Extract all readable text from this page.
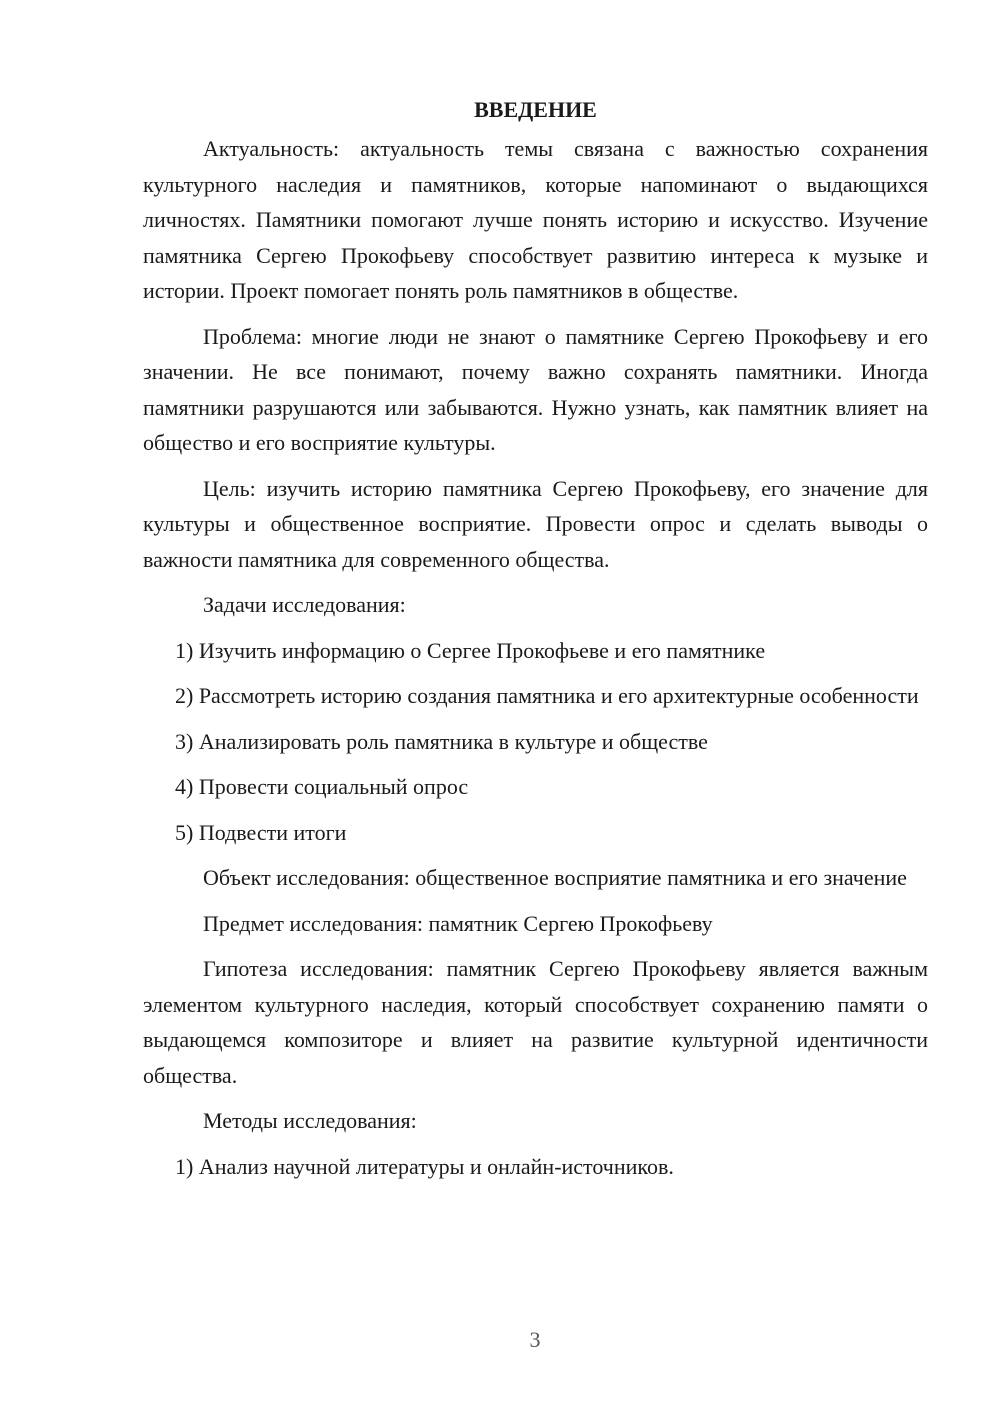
ВВЕДЕНИЕ

Актуальность: актуальность темы связана с важностью сохранения культурного наследия и памятников, которые напоминают о выдающихся личностях. Памятники помогают лучше понять историю и искусство. Изучение памятника Сергею Прокофьеву способствует развитию интереса к музыке и истории. Проект помогает понять роль памятников в обществе.

Проблема: многие люди не знают о памятнике Сергею Прокофьеву и его значении. Не все понимают, почему важно сохранять памятники. Иногда памятники разрушаются или забываются. Нужно узнать, как памятник влияет на общество и его восприятие культуры.

Цель: изучить историю памятника Сергею Прокофьеву, его значение для культуры и общественное восприятие. Провести опрос и сделать выводы о важности памятника для современного общества.

Задачи исследования:

1) Изучить информацию о Сергее Прокофьеве и его памятнике

2) Рассмотреть историю создания памятника и его архитектурные особенности

3) Анализировать роль памятника в культуре и обществе

4) Провести социальный опрос

5) Подвести итоги

Объект исследования: общественное восприятие памятника и его значение

Предмет исследования: памятник Сергею Прокофьеву

Гипотеза исследования: памятник Сергею Прокофьеву является важным элементом культурного наследия, который способствует сохранению памяти о выдающемся композиторе и влияет на развитие культурной идентичности общества.

Методы исследования:

1) Анализ научной литературы и онлайн-источников.

3
